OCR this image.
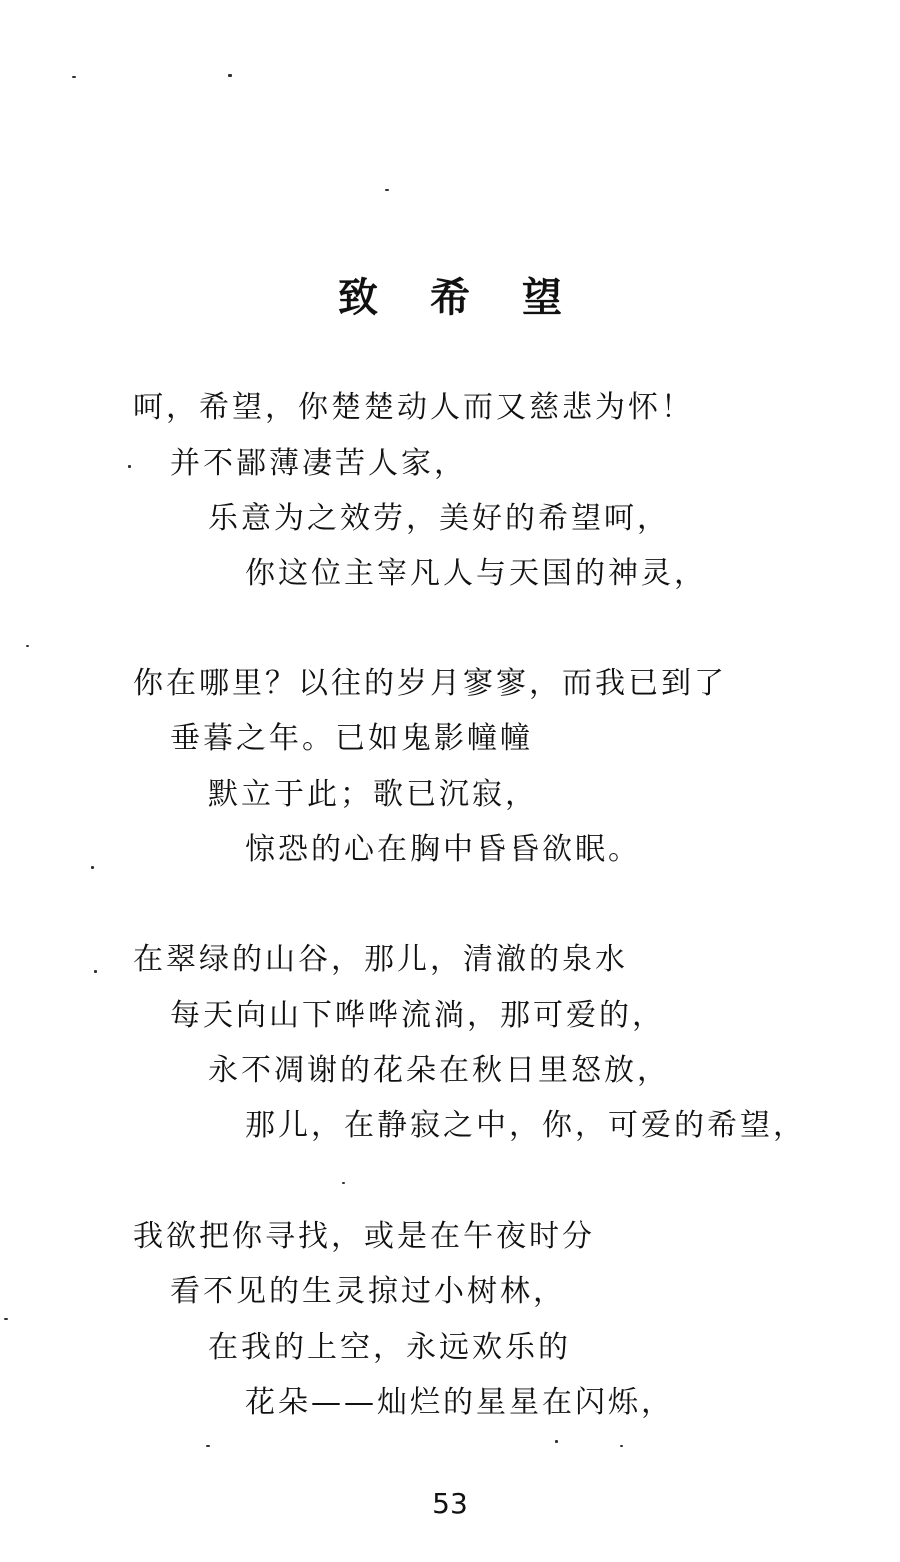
致希望
呵，希望，你楚楚动人而又慈悲为怀！
并不鄙薄凄苦人家，
乐意为之效劳，美好的希望呵，
你这位主宰凡人与天国的神灵，
你在哪里？以往的岁月寥寥，而我已到了
垂暮之年。已如鬼影幢幢
默立于此；歌已沉寂，
惊恐的心在胸中昏昏欲眠。
在翠绿的山谷，那儿，清澈的泉水
每天向山下哗哗流淌，那可爱的，
永不凋谢的花朵在秋日里怒放，
那儿，在静寂之中，你，可爱的希望，
我欲把你寻找，或是在午夜时分
看不见的生灵掠过小树林，
在我的上空，永远欢乐的
花朵——灿烂的星星在闪烁，
53
